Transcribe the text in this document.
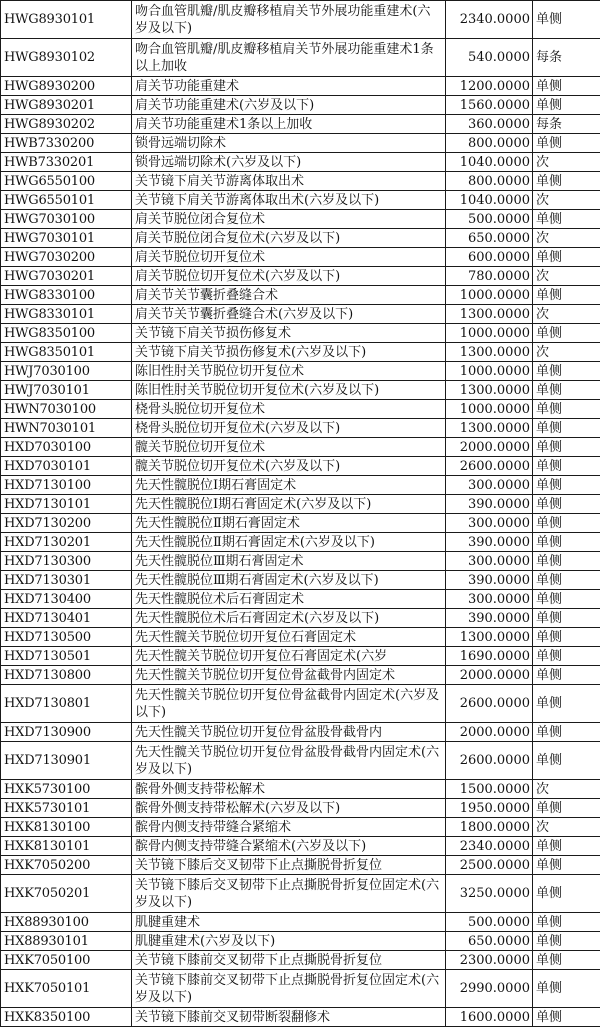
HWG8930101	吻合血管肌瓣/肌皮瓣移植肩关节外展功能重建术(六岁及以下)	2340.0000	单侧
HWG8930102	吻合血管肌瓣/肌皮瓣移植肩关节外展功能重建术1条以上加收	540.0000	每条
HWG8930200	肩关节功能重建术	1200.0000	单侧
HWG8930201	肩关节功能重建术(六岁及以下)	1560.0000	单侧
HWG8930202	肩关节功能重建术1条以上加收	360.0000	每条
HWB7330200	锁骨远端切除术	800.0000	单侧
HWB7330201	锁骨远端切除术(六岁及以下)	1040.0000	次
HWG6550100	关节镜下肩关节游离体取出术	800.0000	单侧
HWG6550101	关节镜下肩关节游离体取出术(六岁及以下)	1040.0000	次
HWG7030100	肩关节脱位闭合复位术	500.0000	单侧
HWG7030101	肩关节脱位闭合复位术(六岁及以下)	650.0000	次
HWG7030200	肩关节脱位切开复位术	600.0000	单侧
HWG7030201	肩关节脱位切开复位术(六岁及以下)	780.0000	次
HWG8330100	肩关节关节囊折叠缝合术	1000.0000	单侧
HWG8330101	肩关节关节囊折叠缝合术(六岁及以下)	1300.0000	次
HWG8350100	关节镜下肩关节损伤修复术	1000.0000	单侧
HWG8350101	关节镜下肩关节损伤修复术(六岁及以下)	1300.0000	次
HWJ7030100	陈旧性肘关节脱位切开复位术	1000.0000	单侧
HWJ7030101	陈旧性肘关节脱位切开复位术(六岁及以下)	1300.0000	单侧
HWN7030100	桡骨头脱位切开复位术	1000.0000	单侧
HWN7030101	桡骨头脱位切开复位术(六岁及以下)	1300.0000	单侧
HXD7030100	髋关节脱位切开复位术	2000.0000	单侧
HXD7030101	髋关节脱位切开复位术(六岁及以下)	2600.0000	单侧
HXD7130100	先天性髋脱位Ⅰ期石膏固定术	300.0000	单侧
HXD7130101	先天性髋脱位Ⅰ期石膏固定术(六岁及以下)	390.0000	单侧
HXD7130200	先天性髋脱位Ⅱ期石膏固定术	300.0000	单侧
HXD7130201	先天性髋脱位Ⅱ期石膏固定术(六岁及以下)	390.0000	单侧
HXD7130300	先天性髋脱位Ⅲ期石膏固定术	300.0000	单侧
HXD7130301	先天性髋脱位Ⅲ期石膏固定术(六岁及以下)	390.0000	单侧
HXD7130400	先天性髋脱位术后石膏固定术	300.0000	单侧
HXD7130401	先天性髋脱位术后石膏固定术(六岁及以下)	390.0000	单侧
HXD7130500	先天性髋关节脱位切开复位石膏固定术	1300.0000	单侧
HXD7130501	先天性髋关节脱位切开复位石膏固定术(六岁	1690.0000	单侧
HXD7130800	先天性髋关节脱位切开复位骨盆截骨内固定术	2000.0000	单侧
HXD7130801	先天性髋关节脱位切开复位骨盆截骨内固定术(六岁及以下)	2600.0000	单侧
HXD7130900	先天性髋关节脱位切开复位骨盆股骨截骨内	2000.0000	单侧
HXD7130901	先天性髋关节脱位切开复位骨盆股骨截骨内固定术(六岁及以下)	2600.0000	单侧
HXK5730100	髌骨外侧支持带松解术	1500.0000	次
HXK5730101	髌骨外侧支持带松解术(六岁及以下)	1950.0000	单侧
HXK8130100	髌骨内侧支持带缝合紧缩术	1800.0000	次
HXK8130101	髌骨内侧支持带缝合紧缩术(六岁及以下)	2340.0000	单侧
HXK7050200	关节镜下膝后交叉韧带下止点撕脱骨折复位	2500.0000	单侧
HXK7050201	关节镜下膝后交叉韧带下止点撕脱骨折复位固定术(六岁及以下)	3250.0000	单侧
HX88930100	肌腱重建术	500.0000	单侧
HX88930101	肌腱重建术(六岁及以下)	650.0000	单侧
HXK7050100	关节镜下膝前交叉韧带下止点撕脱骨折复位	2300.0000	单侧
HXK7050101	关节镜下膝前交叉韧带下止点撕脱骨折复位固定术(六岁及以下)	2990.0000	单侧
HXK8350100	关节镜下膝前交叉韧带断裂翻修术	1600.0000	单侧
